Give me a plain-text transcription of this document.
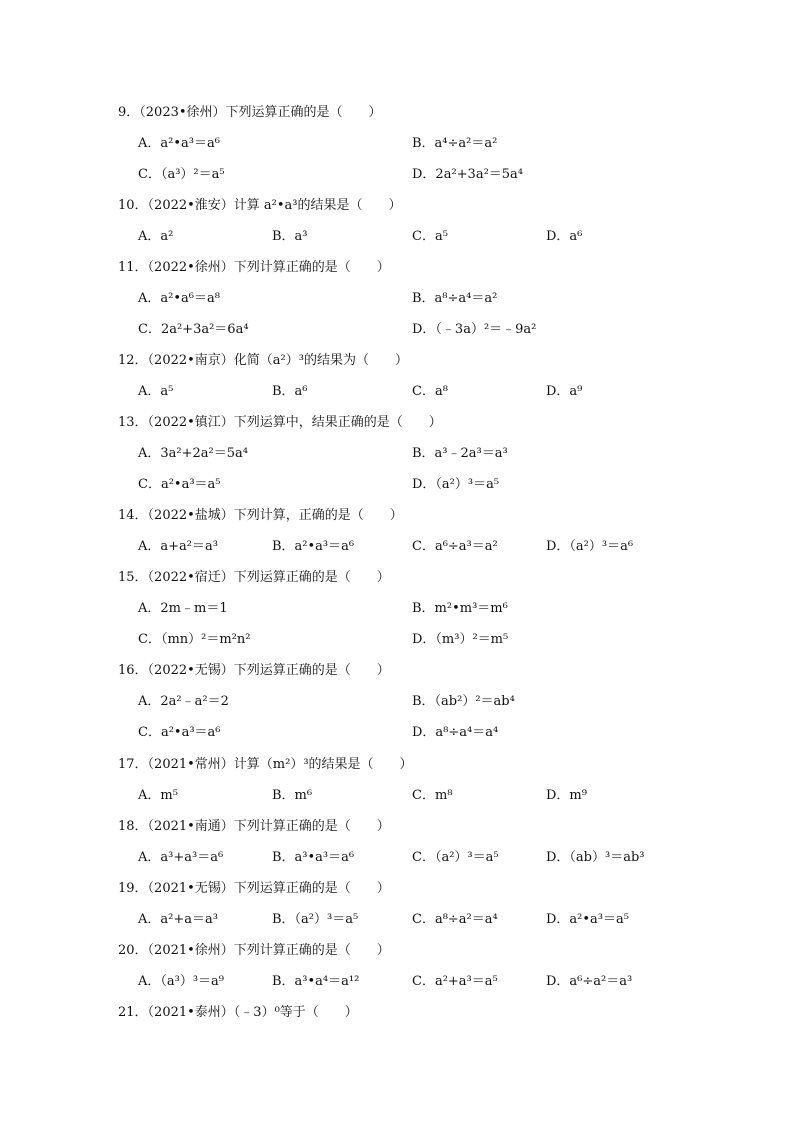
9．（2023•徐州）下列运算正确的是（　　）
A．a²•a³＝a⁶	B．a⁴÷a²＝a²
C．（a³）²＝a⁵	D．2a²+3a²＝5a⁴
10．（2022•淮安）计算 a²•a³的结果是（　　）
A．a²	B．a³	C．a⁵	D．a⁶
11．（2022•徐州）下列计算正确的是（　　）
A．a²•a⁶＝a⁸	B．a⁸÷a⁴＝a²
C．2a²+3a²＝6a⁴	D．（﹣3a）²＝﹣9a²
12．（2022•南京）化简（a²）³的结果为（　　）
A．a⁵	B．a⁶	C．a⁸	D．a⁹
13．（2022•镇江）下列运算中，结果正确的是（　　）
A．3a²+2a²＝5a⁴	B．a³﹣2a³＝a³
C．a²•a³＝a⁵	D．（a²）³＝a⁵
14．（2022•盐城）下列计算，正确的是（　　）
A．a+a²＝a³	B．a²•a³＝a⁶	C．a⁶÷a³＝a²	D．（a²）³＝a⁶
15．（2022•宿迁）下列运算正确的是（　　）
A．2m﹣m＝1	B．m²•m³＝m⁶
C．（mn）²＝m²n²	D．（m³）²＝m⁵
16．（2022•无锡）下列运算正确的是（　　）
A．2a²﹣a²＝2	B．（ab²）²＝ab⁴
C．a²•a³＝a⁶	D．a⁸÷a⁴＝a⁴
17．（2021•常州）计算（m²）³的结果是（　　）
A．m⁵	B．m⁶	C．m⁸	D．m⁹
18．（2021•南通）下列计算正确的是（　　）
A．a³+a³＝a⁶	B．a³•a³＝a⁶	C．（a²）³＝a⁵	D．（ab）³＝ab³
19．（2021•无锡）下列运算正确的是（　　）
A．a²+a＝a³	B．（a²）³＝a⁵	C．a⁸÷a²＝a⁴	D．a²•a³＝a⁵
20．（2021•徐州）下列计算正确的是（　　）
A．（a³）³＝a⁹	B．a³•a⁴＝a¹²	C．a²+a³＝a⁵	D．a⁶÷a²＝a³
21．（2021•泰州）（﹣3）⁰等于（　　）
